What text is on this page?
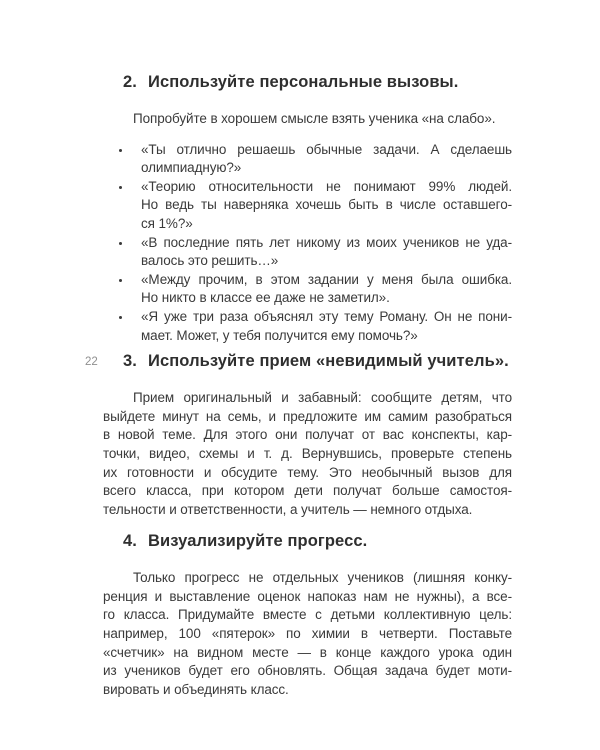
2. Используйте персональные вызовы.
Попробуйте в хорошем смысле взять ученика «на слабо».
«Ты отлично решаешь обычные задачи. А сделаешь
олимпиадную?»
«Теорию относительности не понимают 99% людей.
Но ведь ты наверняка хочешь быть в числе оставшего-
ся 1%?»
«В последние пять лет никому из моих учеников не уда-
валось это решить…»
«Между прочим, в этом задании у меня была ошибка.
Но никто в классе ее даже не заметил».
«Я уже три раза объяснял эту тему Роману. Он не пони-
мает. Может, у тебя получится ему помочь?»
22 3. Используйте прием «невидимый учитель».
Прием оригинальный и забавный: сообщите детям, что
выйдете минут на семь, и предложите им самим разобраться
в новой теме. Для этого они получат от вас конспекты, кар-
точки, видео, схемы и т. д. Вернувшись, проверьте степень
их готовности и обсудите тему. Это необычный вызов для
всего класса, при котором дети получат больше самостоя-
тельности и ответственности, а учитель — немного отдыха.
4. Визуализируйте прогресс.
Только прогресс не отдельных учеников (лишняя конку-
ренция и выставление оценок напоказ нам не нужны), а все-
го класса. Придумайте вместе с детьми коллективную цель:
например, 100 «пятерок» по химии в четверти. Поставьте
«счетчик» на видном месте — в конце каждого урока один
из учеников будет его обновлять. Общая задача будет моти-
вировать и объединять класс.
